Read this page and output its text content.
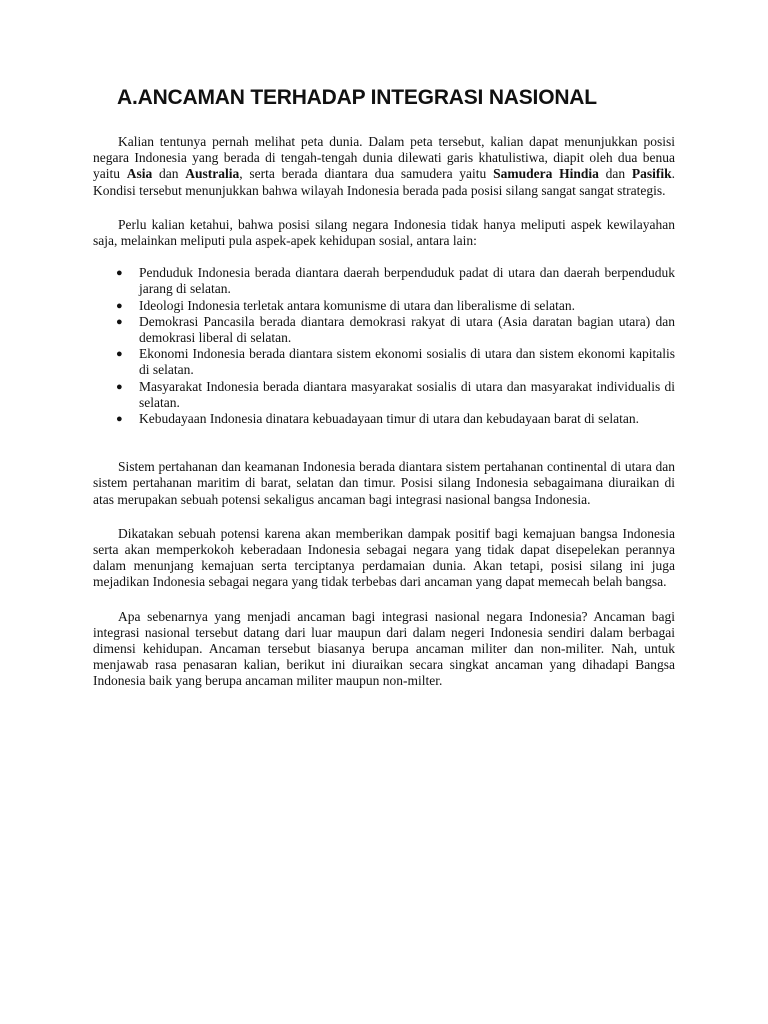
A.ANCAMAN TERHADAP INTEGRASI NASIONAL

Kalian tentunya pernah melihat peta dunia. Dalam peta tersebut, kalian dapat menunjukkan posisi negara Indonesia yang berada di tengah-tengah dunia dilewati garis khatulistiwa, diapit oleh dua benua yaitu Asia dan Australia, serta berada diantara dua samudera yaitu Samudera Hindia dan Pasifik. Kondisi tersebut menunjukkan bahwa wilayah Indonesia berada pada posisi silang sangat sangat strategis.

Perlu kalian ketahui, bahwa posisi silang negara Indonesia tidak hanya meliputi aspek kewilayahan saja, melainkan meliputi pula aspek-apek kehidupan sosial, antara lain:

● Penduduk Indonesia berada diantara daerah berpenduduk padat di utara dan daerah berpenduduk jarang di selatan.
● Ideologi Indonesia terletak antara komunisme di utara dan liberalisme di selatan.
● Demokrasi Pancasila berada diantara demokrasi rakyat di utara (Asia daratan bagian utara) dan demokrasi liberal di selatan.
● Ekonomi Indonesia berada diantara sistem ekonomi sosialis di utara dan sistem ekonomi kapitalis di selatan.
● Masyarakat Indonesia berada diantara masyarakat sosialis di utara dan masyarakat individualis di selatan.
● Kebudayaan Indonesia dinatara kebuadayaan timur di utara dan kebudayaan barat di selatan.

Sistem pertahanan dan keamanan Indonesia berada diantara sistem pertahanan continental di utara dan sistem pertahanan maritim di barat, selatan dan timur. Posisi silang Indonesia sebagaimana diuraikan di atas merupakan sebuah potensi sekaligus ancaman bagi integrasi nasional bangsa Indonesia.

Dikatakan sebuah potensi karena akan memberikan dampak positif bagi kemajuan bangsa Indonesia serta akan memperkokoh keberadaan Indonesia sebagai negara yang tidak dapat disepelekan perannya dalam menunjang kemajuan serta terciptanya perdamaian dunia. Akan tetapi, posisi silang ini juga mejadikan Indonesia sebagai negara yang tidak terbebas dari ancaman yang dapat memecah belah bangsa.

Apa sebenarnya yang menjadi ancaman bagi integrasi nasional negara Indonesia? Ancaman bagi integrasi nasional tersebut datang dari luar maupun dari dalam negeri Indonesia sendiri dalam berbagai dimensi kehidupan. Ancaman tersebut biasanya berupa ancaman militer dan non-militer. Nah, untuk menjawab rasa penasaran kalian, berikut ini diuraikan secara singkat ancaman yang dihadapi Bangsa Indonesia baik yang berupa ancaman militer maupun non-milter.
